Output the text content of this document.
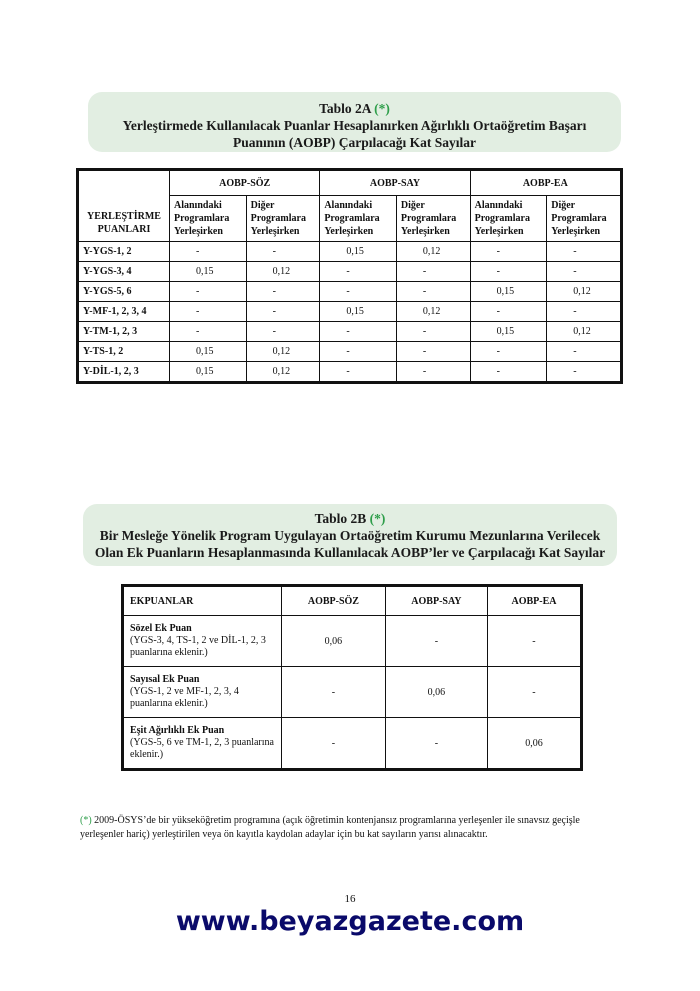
Tablo 2A (*)
Yerleştirmede Kullanılacak Puanlar Hesaplanırken Ağırlıklı Ortaöğretim Başarı
Puanının (AOBP) Çarpılacağı Kat Sayılar
YERLEŞTİRME PUANLARI	AOBP-SÖZ		AOBP-SAY		AOBP-EA	
	Alanındaki Programlara Yerleşirken	Diğer Programlara Yerleşirken	Alanındaki Programlara Yerleşirken	Diğer Programlara Yerleşirken	Alanındaki Programlara Yerleşirken	Diğer Programlara Yerleşirken
Y-YGS-1, 2	-	-	0,15	0,12	-	-
Y-YGS-3, 4	0,15	0,12	-	-	-	-
Y-YGS-5, 6	-	-	-	-	0,15	0,12
Y-MF-1, 2, 3, 4	-	-	0,15	0,12	-	-
Y-TM-1, 2, 3	-	-	-	-	0,15	0,12
Y-TS-1, 2	0,15	0,12	-	-	-	-
Y-DİL-1, 2, 3	0,15	0,12	-	-	-	-
Tablo 2B (*)
Bir Mesleğe Yönelik Program Uygulayan Ortaöğretim Kurumu Mezunlarına Verilecek
Olan Ek Puanların Hesaplanmasında Kullanılacak AOBP’ler ve Çarpılacağı Kat Sayılar
EKPUANLAR	AOBP-SÖZ	AOBP-SAY	AOBP-EA

Sözel Ek Puan
(YGS-3, 4, TS-1, 2 ve DİL-1, 2, 3 puanlarına eklenir.)	0,06	-	-

Sayısal Ek Puan
(YGS-1, 2 ve MF-1, 2, 3, 4 puanlarına eklenir.)	-	0,06	-

Eşit Ağırlıklı Ek Puan
(YGS-5, 6 ve TM-1, 2, 3 puanlarına eklenir.)	-	-	0,06
(*) 2009-ÖSYS’de bir yükseköğretim programına (açık öğretimin kontenjansız programlarına yerleşenler ile sınavsız geçişle yerleşenler hariç) yerleştirilen veya ön kayıtla kaydolan adaylar için bu kat sayıların yarısı alınacaktır.
16
www.beyazgazete.com
